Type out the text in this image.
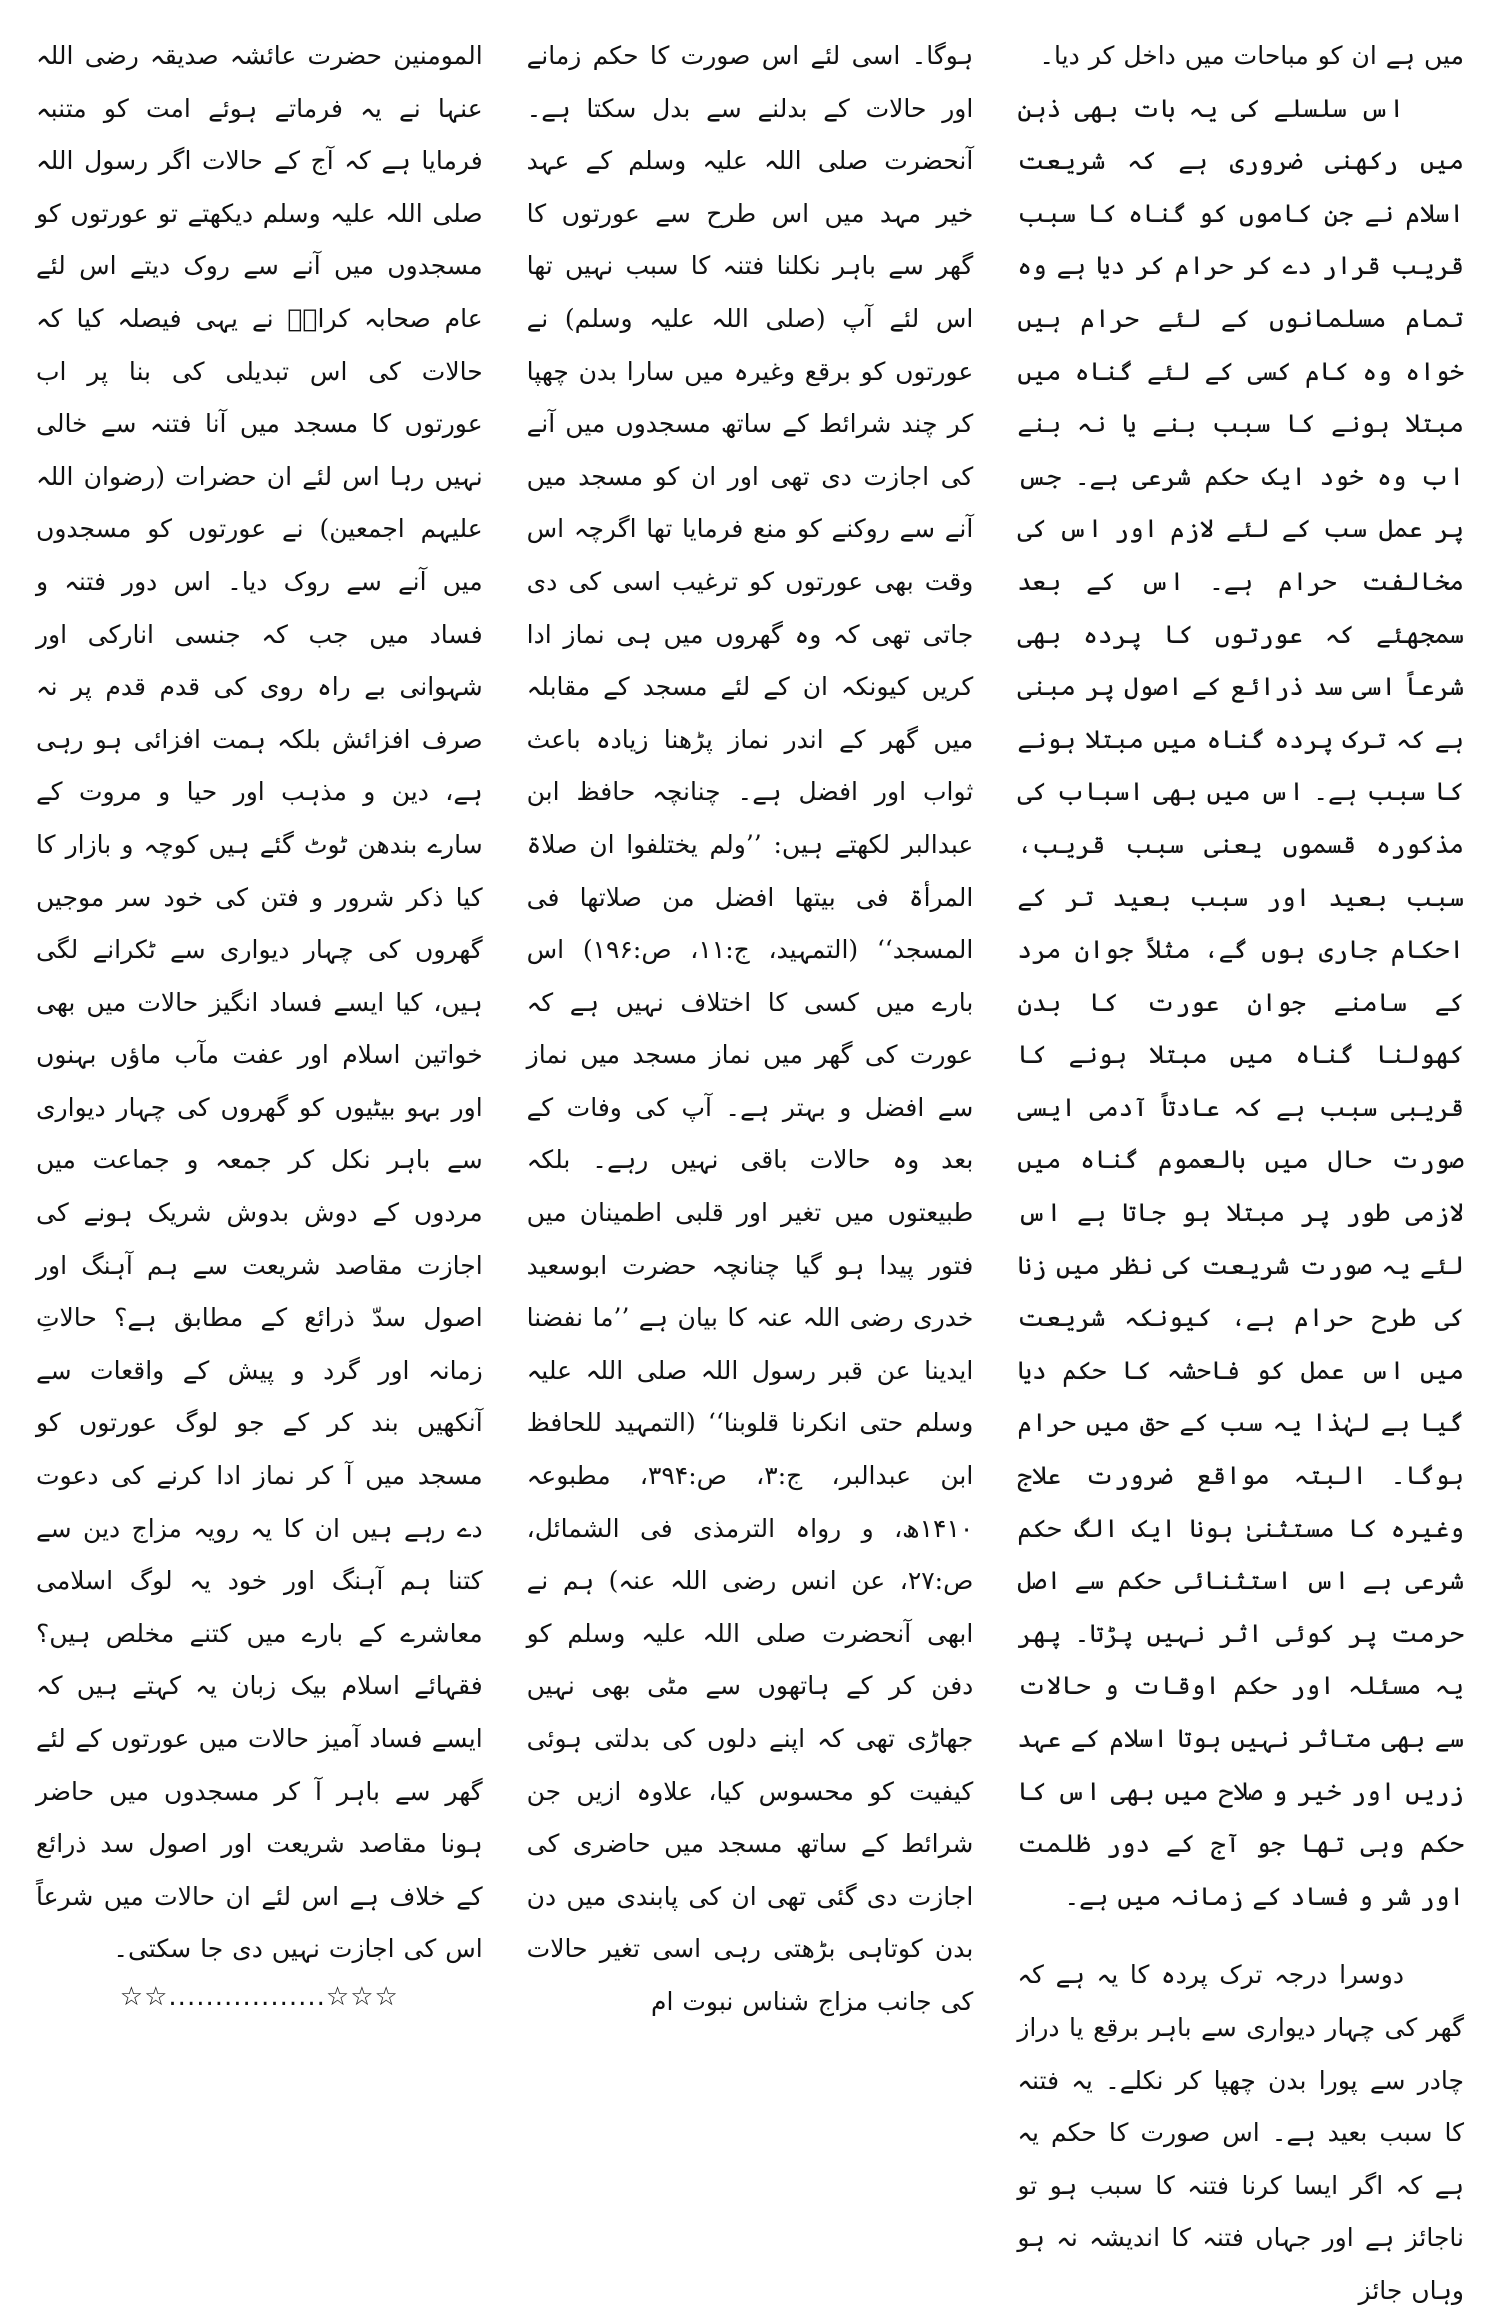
میں ہے ان کو مباحات میں داخل کر دیا۔

اس سلسلے کی یہ بات بھی ذہن میں رکھنی ضروری ہے کہ شریعت اسلام نے جن کاموں کو گناہ کا سبب قریب قرار دے کر حرام کر دیا ہے وہ تمام مسلمانوں کے لئے حرام ہیں خواہ وہ کام کسی کے لئے گناہ میں مبتلا ہونے کا سبب بنے یا نہ بنے اب وہ خود ایک حکم شرعی ہے۔ جس پر عمل سب کے لئے لازم اور اس کی مخالفت حرام ہے۔ اس کے بعد سمجھئے کہ عورتوں کا پردہ بھی شرعاً اسی سد ذرائع کے اصول پر مبنی ہے کہ ترک پردہ گناہ میں مبتلا ہونے کا سبب ہے۔ اس میں بھی اسباب کی مذکورہ قسموں یعنی سبب قریب، سبب بعید اور سبب بعید تر کے احکام جاری ہوں گے، مثلاً جوان مرد کے سامنے جوان عورت کا بدن کھولنا گناہ میں مبتلا ہونے کا قریبی سبب ہے کہ عادتاً آدمی ایسی صورت حال میں بالعموم گناہ میں لازمی طور پر مبتلا ہو جاتا ہے اس لئے یہ صورت شریعت کی نظر میں زنا کی طرح حرام ہے، کیونکہ شریعت میں اس عمل کو فاحشہ کا حکم دیا گیا ہے لہٰذا یہ سب کے حق میں حرام ہوگا۔ البتہ مواقع ضرورت علاج وغیرہ کا مستثنیٰ ہونا ایک الگ حکم شرعی ہے اس استثنائی حکم سے اصل حرمت پر کوئی اثر نہیں پڑتا۔ پھر یہ مسئلہ اور حکم اوقات و حالات سے بھی متاثر نہیں ہوتا اسلام کے عہد زریں اور خیر و صلاح میں بھی اس کا حکم وہی تھا جو آج کے دور ظلمت اور شر و فساد کے زمانہ میں ہے۔

دوسرا درجہ ترک پردہ کا یہ ہے کہ گھر کی چہار دیواری سے باہر برقع یا دراز چادر سے پورا بدن چھپا کر نکلے۔ یہ فتنہ کا سبب بعید ہے۔ اس صورت کا حکم یہ ہے کہ اگر ایسا کرنا فتنہ کا سبب ہو تو ناجائز ہے اور جہاں فتنہ کا اندیشہ نہ ہو وہاں جائز

ہوگا۔ اسی لئے اس صورت کا حکم زمانے اور حالات کے بدلنے سے بدل سکتا ہے۔ آنحضرت صلی اللہ علیہ وسلم کے عہد خیر مہد میں اس طرح سے عورتوں کا گھر سے باہر نکلنا فتنہ کا سبب نہیں تھا اس لئے آپ (صلی اللہ علیہ وسلم) نے عورتوں کو برقع وغیرہ میں سارا بدن چھپا کر چند شرائط کے ساتھ مسجدوں میں آنے کی اجازت دی تھی اور ان کو مسجد میں آنے سے روکنے کو منع فرمایا تھا اگرچہ اس وقت بھی عورتوں کو ترغیب اسی کی دی جاتی تھی کہ وہ گھروں میں ہی نماز ادا کریں کیونکہ ان کے لئے مسجد کے مقابلہ میں گھر کے اندر نماز پڑھنا زیادہ باعث ثواب اور افضل ہے۔ چنانچہ حافظ ابن عبدالبر لکھتے ہیں: ’’ولم یختلفوا ان صلاۃ المرأۃ فی بیتھا افضل من صلاتھا فی المسجد‘‘ (التمہید، ج:۱۱، ص:۱۹۶) اس بارے میں کسی کا اختلاف نہیں ہے کہ عورت کی گھر میں نماز مسجد میں نماز سے افضل و بہتر ہے۔ آپ کی وفات کے بعد وہ حالات باقی نہیں رہے۔ بلکہ طبیعتوں میں تغیر اور قلبی اطمینان میں فتور پیدا ہو گیا چنانچہ حضرت ابوسعید خدری رضی اللہ عنہ کا بیان ہے ’’ما نفضنا ایدینا عن قبر رسول اللہ صلی اللہ علیہ وسلم حتی انکرنا قلوبنا‘‘ (التمہید للحافظ ابن عبدالبر، ج:۳، ص:۳۹۴، مطبوعہ ۱۴۱۰ھ، و رواہ الترمذی فی الشمائل، ص:۲۷، عن انس رضی اللہ عنہ) ہم نے ابھی آنحضرت صلی اللہ علیہ وسلم کو دفن کر کے ہاتھوں سے مٹی بھی نہیں جھاڑی تھی کہ اپنے دلوں کی بدلتی ہوئی کیفیت کو محسوس کیا، علاوہ ازیں جن شرائط کے ساتھ مسجد میں حاضری کی اجازت دی گئی تھی ان کی پابندی میں دن بدن کوتاہی بڑھتی رہی اسی تغیر حالات کی جانب مزاج شناس نبوت ام

المومنین حضرت عائشہ صدیقہ رضی اللہ عنہا نے یہ فرماتے ہوئے امت کو متنبہ فرمایا ہے کہ آج کے حالات اگر رسول اللہ صلی اللہ علیہ وسلم دیکھتے تو عورتوں کو مسجدوں میں آنے سے روک دیتے اس لئے عام صحابہ کرامؓ نے یہی فیصلہ کیا کہ حالات کی اس تبدیلی کی بنا پر اب عورتوں کا مسجد میں آنا فتنہ سے خالی نہیں رہا اس لئے ان حضرات (رضوان اللہ علیہم اجمعین) نے عورتوں کو مسجدوں میں آنے سے روک دیا۔ اس دور فتنہ و فساد میں جب کہ جنسی انارکی اور شہوانی بے راہ روی کی قدم قدم پر نہ صرف افزائش بلکہ ہمت افزائی ہو رہی ہے، دین و مذہب اور حیا و مروت کے سارے بندھن ٹوٹ گئے ہیں کوچہ و بازار کا کیا ذکر شرور و فتن کی خود سر موجیں گھروں کی چہار دیواری سے ٹکرانے لگی ہیں، کیا ایسے فساد انگیز حالات میں بھی خواتین اسلام اور عفت مآب ماؤں بہنوں اور بہو بیٹیوں کو گھروں کی چہار دیواری سے باہر نکل کر جمعہ و جماعت میں مردوں کے دوش بدوش شریک ہونے کی اجازت مقاصد شریعت سے ہم آہنگ اور اصول سدّ ذرائع کے مطابق ہے؟ حالاتِ زمانہ اور گرد و پیش کے واقعات سے آنکھیں بند کر کے جو لوگ عورتوں کو مسجد میں آ کر نماز ادا کرنے کی دعوت دے رہے ہیں ان کا یہ رویہ مزاج دین سے کتنا ہم آہنگ اور خود یہ لوگ اسلامی معاشرے کے بارے میں کتنے مخلص ہیں؟ فقہائے اسلام بیک زبان یہ کہتے ہیں کہ ایسے فساد آمیز حالات میں عورتوں کے لئے گھر سے باہر آ کر مسجدوں میں حاضر ہونا مقاصد شریعت اور اصول سد ذرائع کے خلاف ہے اس لئے ان حالات میں شرعاً اس کی اجازت نہیں دی جا سکتی۔

☆☆☆.................☆☆
